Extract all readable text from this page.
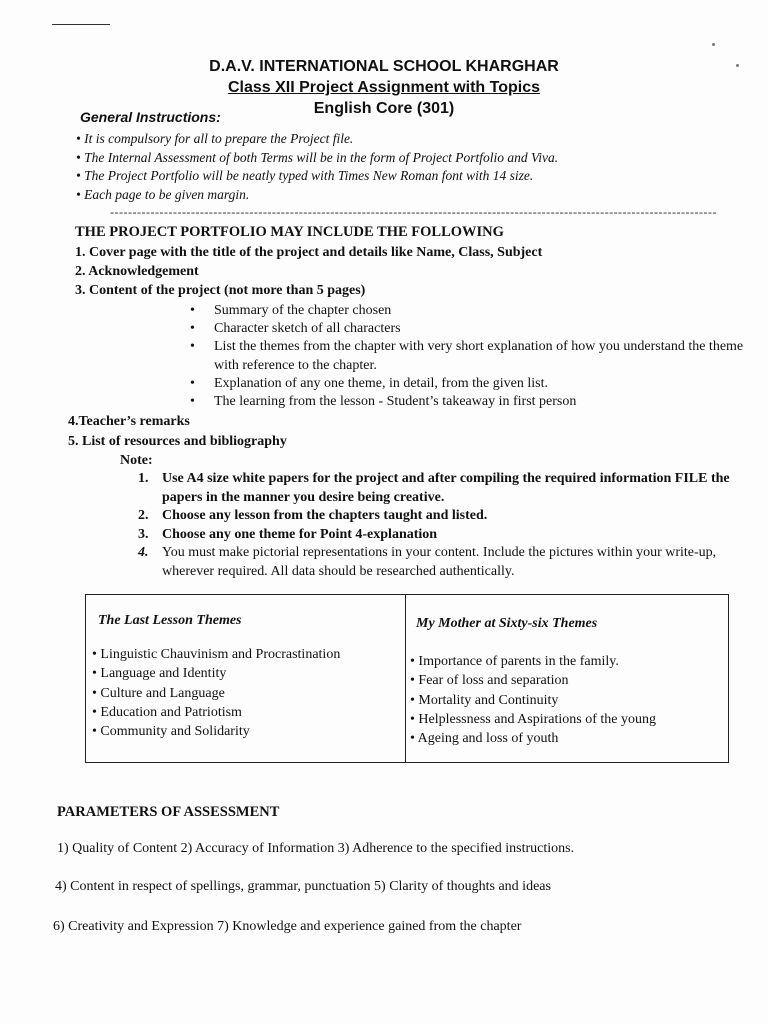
D.A.V. INTERNATIONAL SCHOOL KHARGHAR
Class XII Project Assignment with Topics
English Core (301)
General Instructions:
• It is compulsory for all to prepare the Project file.
• The Internal Assessment of both Terms will be in the form of Project Portfolio and Viva.
• The Project Portfolio will be neatly typed with Times New Roman font with 14 size.
• Each page to be given margin.
---------------------------------------------------------------------------------------------------------------------------------------
THE PROJECT PORTFOLIO MAY INCLUDE THE FOLLOWING
1. Cover page with the title of the project and details like Name, Class, Subject
2. Acknowledgement
3. Content of the project (not more than 5 pages)
• Summary of the chapter chosen
• Character sketch of all characters
• List the themes from the chapter with very short explanation of how you understand the theme with reference to the chapter.
• Explanation of any one theme, in detail, from the given list.
• The learning from the lesson - Student’s takeaway in first person
4.Teacher’s remarks
5. List of resources and bibliography
Note:
1. Use A4 size white papers for the project and after compiling the required information FILE the papers in the manner you desire being creative.
2. Choose any lesson from the chapters taught and listed.
3. Choose any one theme for Point 4-explanation
4. You must make pictorial representations in your content. Include the pictures within your write-up, wherever required. All data should be researched authentically.
The Last Lesson Themes
• Linguistic Chauvinism and Procrastination
• Language and Identity
• Culture and Language
• Education and Patriotism
• Community and Solidarity
My Mother at Sixty-six Themes
• Importance of parents in the family.
• Fear of loss and separation
• Mortality and Continuity
• Helplessness and Aspirations of the young
• Ageing and loss of youth
PARAMETERS OF ASSESSMENT
1) Quality of Content 2) Accuracy of Information 3) Adherence to the specified instructions.
4) Content in respect of spellings, grammar, punctuation 5) Clarity of thoughts and ideas
6) Creativity and Expression 7) Knowledge and experience gained from the chapter
